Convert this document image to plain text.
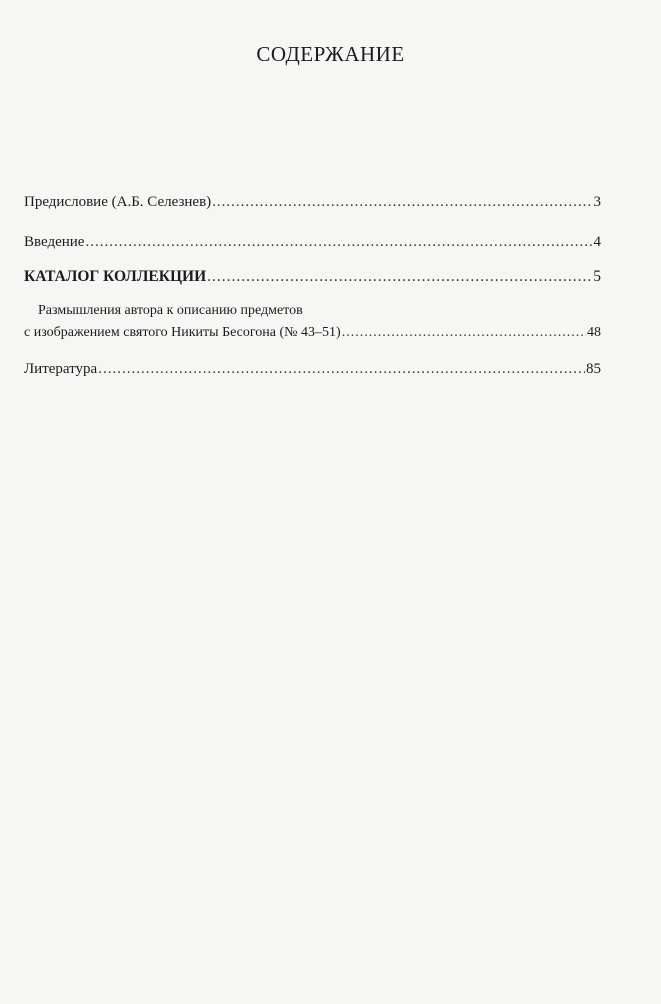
СОДЕРЖАНИЕ
Предисловие (А.Б. Селезнев) .....	3
Введение .....	4
КАТАЛОГ КОЛЛЕКЦИИ .....	5
Размышления автора к описанию предметов
с изображением святого Никиты Бесогона (№ 43–51) .....	48
Литература .....	85
